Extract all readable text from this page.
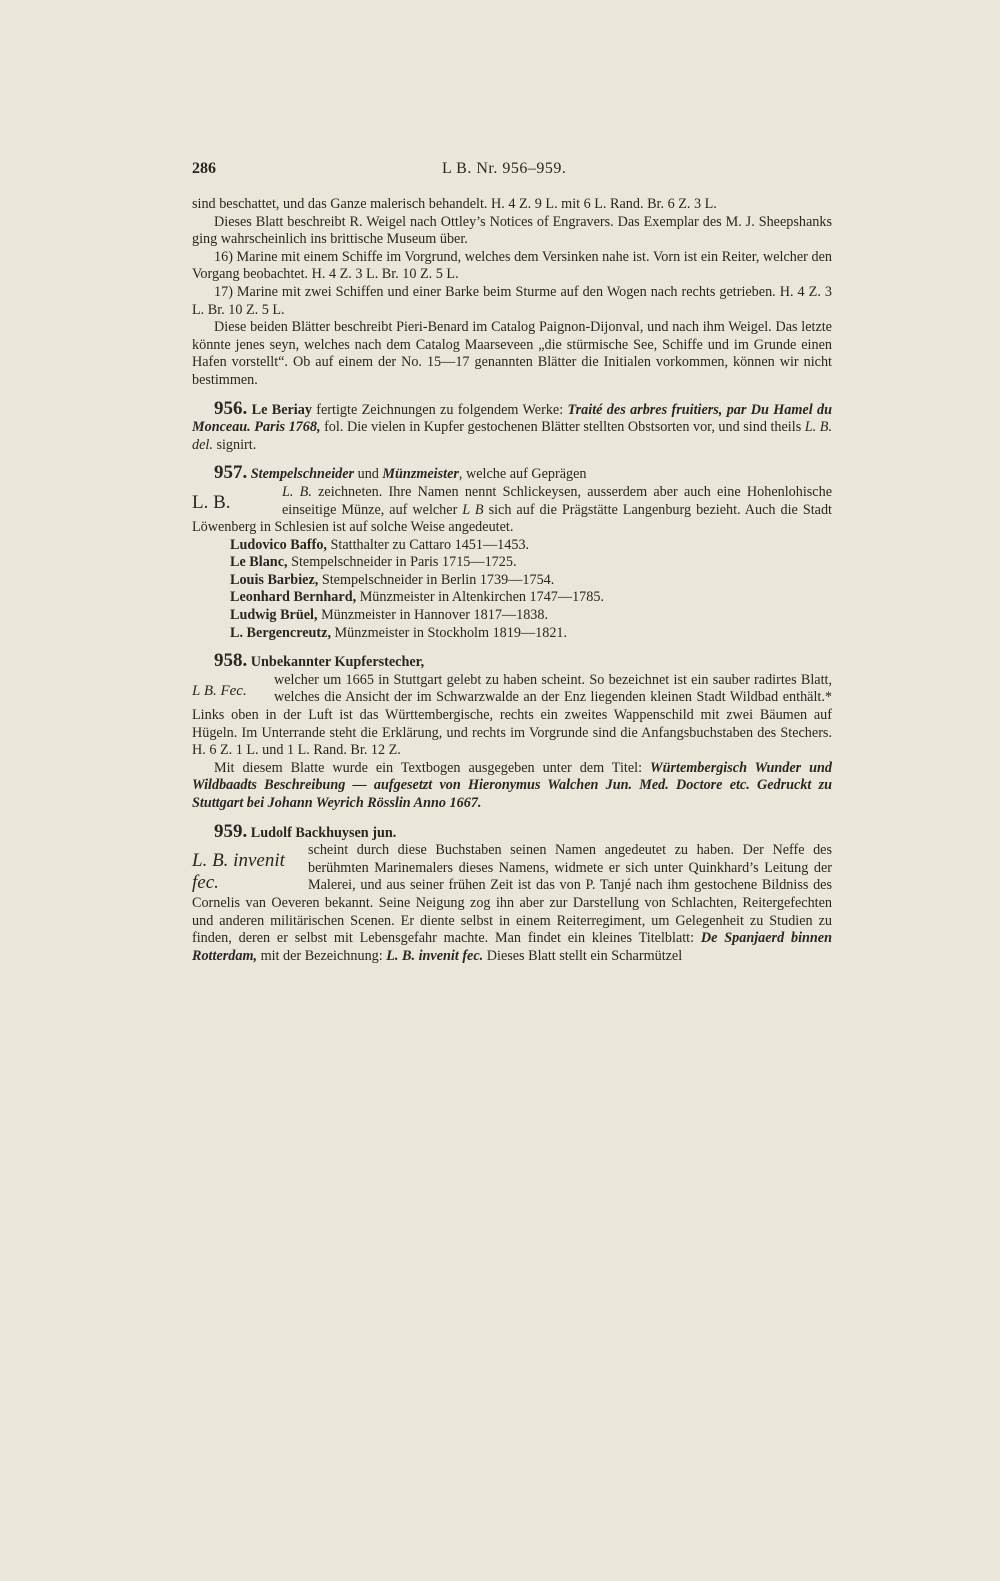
286	L B. Nr. 956–959.

sind beschattet, und das Ganze malerisch behandelt. H. 4 Z. 9 L. mit 6 L. Rand. Br. 6 Z. 3 L.

Dieses Blatt beschreibt R. Weigel nach Ottley’s Notices of Engravers. Das Exemplar des M. J. Sheepshanks ging wahrscheinlich ins brittische Museum über.

16) Marine mit einem Schiffe im Vorgrund, welches dem Versinken nahe ist. Vorn ist ein Reiter, welcher den Vorgang beobachtet. H. 4 Z. 3 L. Br. 10 Z. 5 L.

17) Marine mit zwei Schiffen und einer Barke beim Sturme auf den Wogen nach rechts getrieben. H. 4 Z. 3 L. Br. 10 Z. 5 L.

Diese beiden Blätter beschreibt Pieri-Benard im Catalog Paignon-Dijonval, und nach ihm Weigel. Das letzte könnte jenes seyn, welches nach dem Catalog Maarseveen „die stürmische See, Schiffe und im Grunde einen Hafen vorstellt“. Ob auf einem der No. 15—17 genannten Blätter die Initialen vorkommen, können wir nicht bestimmen.

956. Le Beriay fertigte Zeichnungen zu folgendem Werke: Traité des arbres fruitiers, par Du Hamel du Monceau. Paris 1768, fol. Die vielen in Kupfer gestochenen Blätter stellten Obstsorten vor, und sind theils L. B. del. signirt.

957. Stempelschneider und Münzmeister, welche auf Geprägen

L. B.	L. B. zeichneten. Ihre Namen nennt Schlickeysen, ausserdem aber auch eine Hohenlohische einseitige Münze, auf welcher L B sich auf die Prägstätte Langenburg bezieht. Auch die Stadt Löwenberg in Schlesien ist auf solche Weise angedeutet.

Ludovico Baffo, Statthalter zu Cattaro 1451—1453.

Le Blanc, Stempelschneider in Paris 1715—1725.

Louis Barbiez, Stempelschneider in Berlin 1739—1754.

Leonhard Bernhard, Münzmeister in Altenkirchen 1747—1785.

Ludwig Brüel, Münzmeister in Hannover 1817—1838.

L. Bergencreutz, Münzmeister in Stockholm 1819—1821.

958. Unbekannter Kupferstecher,

L B. Fec.
welcher um 1665 in Stuttgart gelebt zu haben scheint. So bezeichnet ist ein sauber radirtes Blatt, welches die Ansicht der im Schwarzwalde an der Enz liegenden kleinen Stadt Wildbad enthält.* Links oben in der Luft ist das Württembergische, rechts ein zweites Wappenschild mit zwei Bäumen auf Hügeln. Im Unterrande steht die Erklärung, und rechts im Vorgrunde sind die Anfangsbuchstaben des Stechers. H. 6 Z. 1 L. und 1 L. Rand. Br. 12 Z.

Mit diesem Blatte wurde ein Textbogen ausgegeben unter dem Titel: Würtembergisch Wunder und Wildbaadts Beschreibung — aufgesetzt von Hieronymus Walchen Jun. Med. Doctore etc. Gedruckt zu Stuttgart bei Johann Weyrich Rösslin Anno 1667.

959. Ludolf Backhuysen jun.

L. B. invenit fec.
scheint durch diese Buchstaben seinen Namen angedeutet zu haben. Der Neffe des berühmten Marinemalers dieses Namens, widmete er sich unter Quinkhard’s Leitung der Malerei, und aus seiner frühen Zeit ist das von P. Tanjé nach ihm gestochene Bildniss des Cornelis van Oeveren bekannt. Seine Neigung zog ihn aber zur Darstellung von Schlachten, Reitergefechten und anderen militärischen Scenen. Er diente selbst in einem Reiterregiment, um Gelegenheit zu Studien zu finden, deren er selbst mit Lebensgefahr machte. Man findet ein kleines Titelblatt: De Spanjaerd binnen Rotterdam, mit der Bezeichnung: L. B. invenit fec. Dieses Blatt stellt ein Scharmützel
